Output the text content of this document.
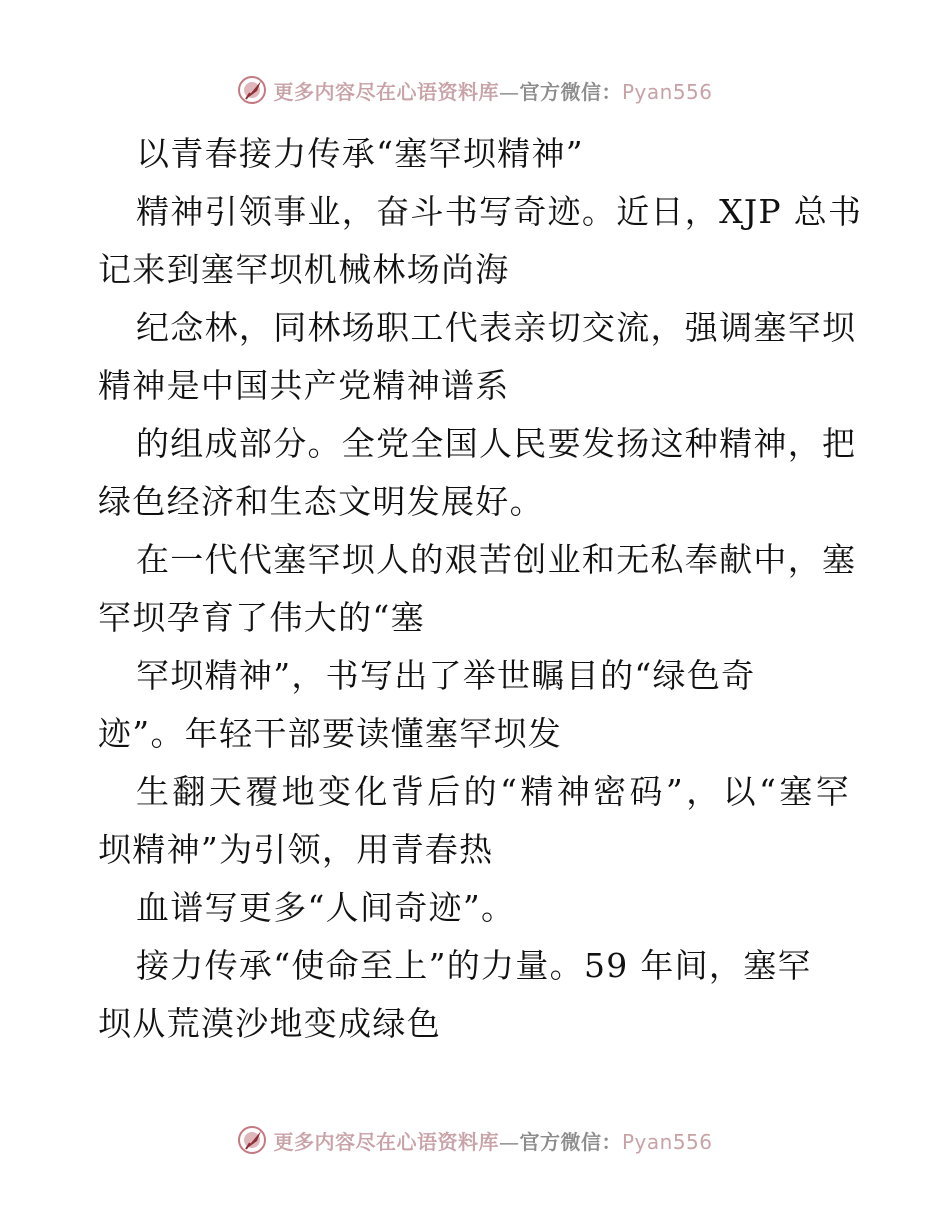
更多内容尽在心语资料库—官方微信：Pyan556
以青春接力传承“塞罕坝精神”
精神引领事业，奋斗书写奇迹。近日，XJP 总书
记来到塞罕坝机械林场尚海
纪念林，同林场职工代表亲切交流，强调塞罕坝
精神是中国共产党精神谱系
的组成部分。全党全国人民要发扬这种精神，把
绿色经济和生态文明发展好。
在一代代塞罕坝人的艰苦创业和无私奉献中，塞
罕坝孕育了伟大的“塞
罕坝精神”，书写出了举世瞩目的“绿色奇
迹”。年轻干部要读懂塞罕坝发
生翻天覆地变化背后的“精神密码”，以“塞罕
坝精神”为引领，用青春热
血谱写更多“人间奇迹”。
接力传承“使命至上”的力量。59 年间，塞罕
坝从荒漠沙地变成绿色
更多内容尽在心语资料库—官方微信：Pyan556
